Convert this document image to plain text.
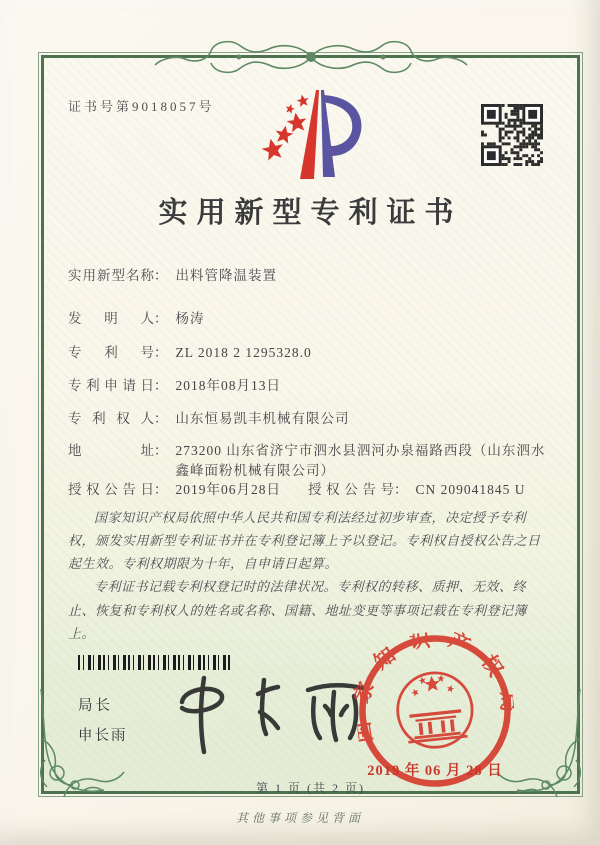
证书号第9018057号
实用新型专利证书
实用新型名称： 出料管降温装置
发明人： 杨涛
专利号： ZL 2018 2 1295328.0
专利申请日： 2018年08月13日
专利权人： 山东恒易凯丰机械有限公司
地址： 273200 山东省济宁市泗水县泗河办泉福路西段（山东泗水鑫峰面粉机械有限公司）
授权公告日： 2019年06月28日 授权公告号： CN 209041845 U

国家知识产权局依照中华人民共和国专利法经过初步审查，决定授予专利权，颁发实用新型专利证书并在专利登记簿上予以登记。专利权自授权公告之日起生效。专利权期限为十年，自申请日起算。

专利证书记载专利权登记时的法律状况。专利权的转移、质押、无效、终止、恢复和专利权人的姓名或名称、国籍、地址变更等事项记载在专利登记簿上。

局长
申长雨	国家知识产权局
2019 年 06 月 28 日
第 1 页 (共 2 页)
其他事项参见背面
